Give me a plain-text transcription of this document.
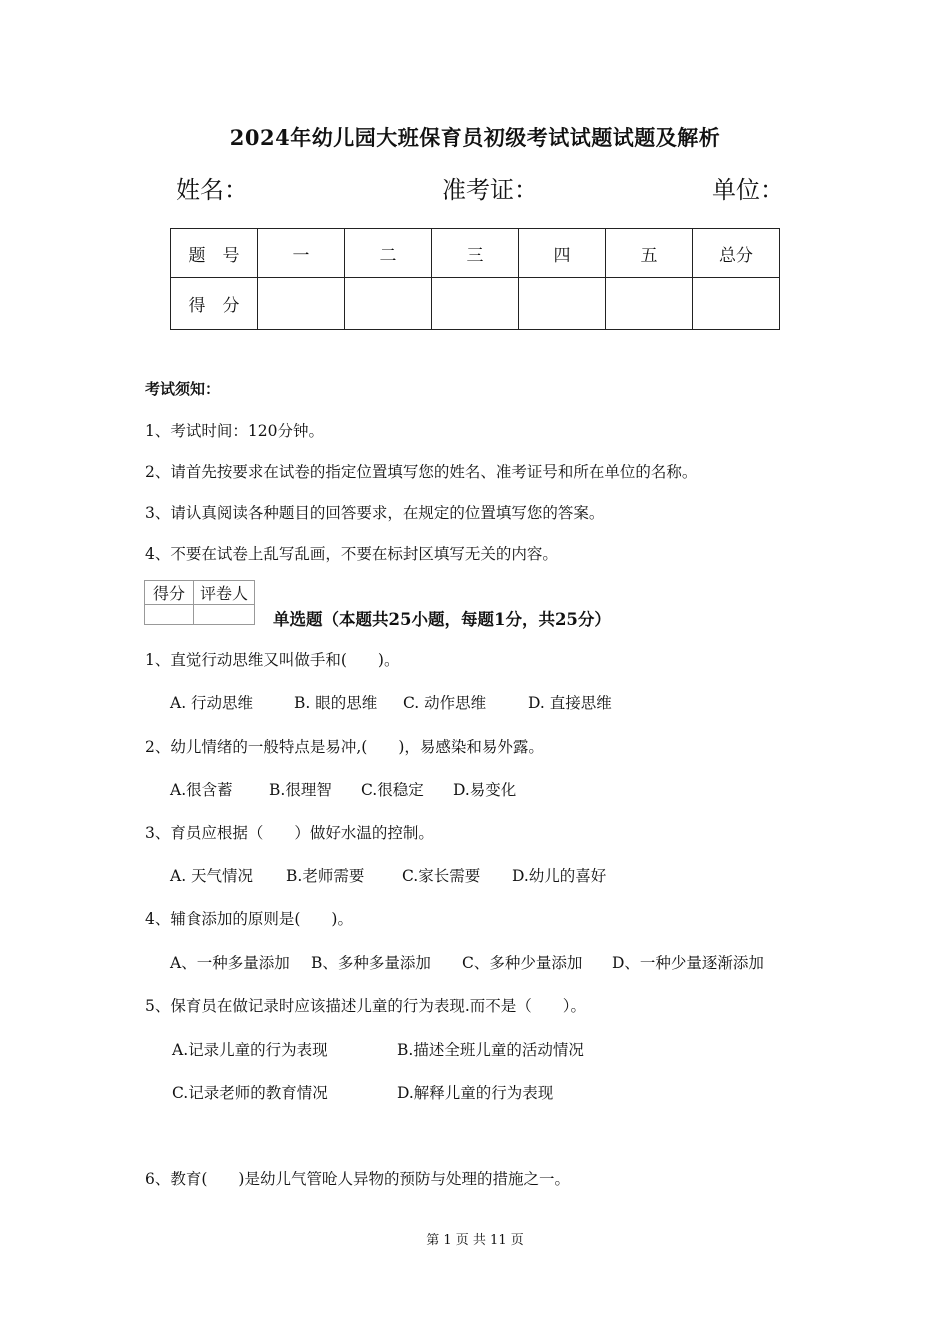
2024年幼儿园大班保育员初级考试试题试题及解析
姓名：	准考证：	单位：
题　号	一	二	三	四	五	总分
得　分						
考试须知：
1、考试时间：120分钟。
2、请首先按要求在试卷的指定位置填写您的姓名、准考证号和所在单位的名称。
3、请认真阅读各种题目的回答要求，在规定的位置填写您的答案。
4、不要在试卷上乱写乱画，不要在标封区填写无关的内容。
得分	评卷人

单选题（本题共25小题，每题1分，共25分）
1、直觉行动思维又叫做手和(　　)。
A. 行动思维	B. 眼的思维 C. 动作思维	D. 直接思维
2、幼儿情绪的一般特点是易冲,(　　)，易感染和易外露。
A.很含蓄 B.很理智 C.很稳定 D.易变化
3、育员应根据（　　）做好水温的控制。
A. 天气情况 B.老师需要 C.家长需要 D.幼儿的喜好
4、辅食添加的原则是(　　)。
A、一种多量添加 B、多种多量添加 C、多种少量添加 D、一种少量逐渐添加
5、保育员在做记录时应该描述儿童的行为表现.而不是（　　）。
A.记录儿童的行为表现	B.描述全班儿童的活动情况
C.记录老师的教育情况	D.解释儿童的行为表现
6、教育(　　)是幼儿气管呛人异物的预防与处理的措施之一。
第 1 页 共 11 页
